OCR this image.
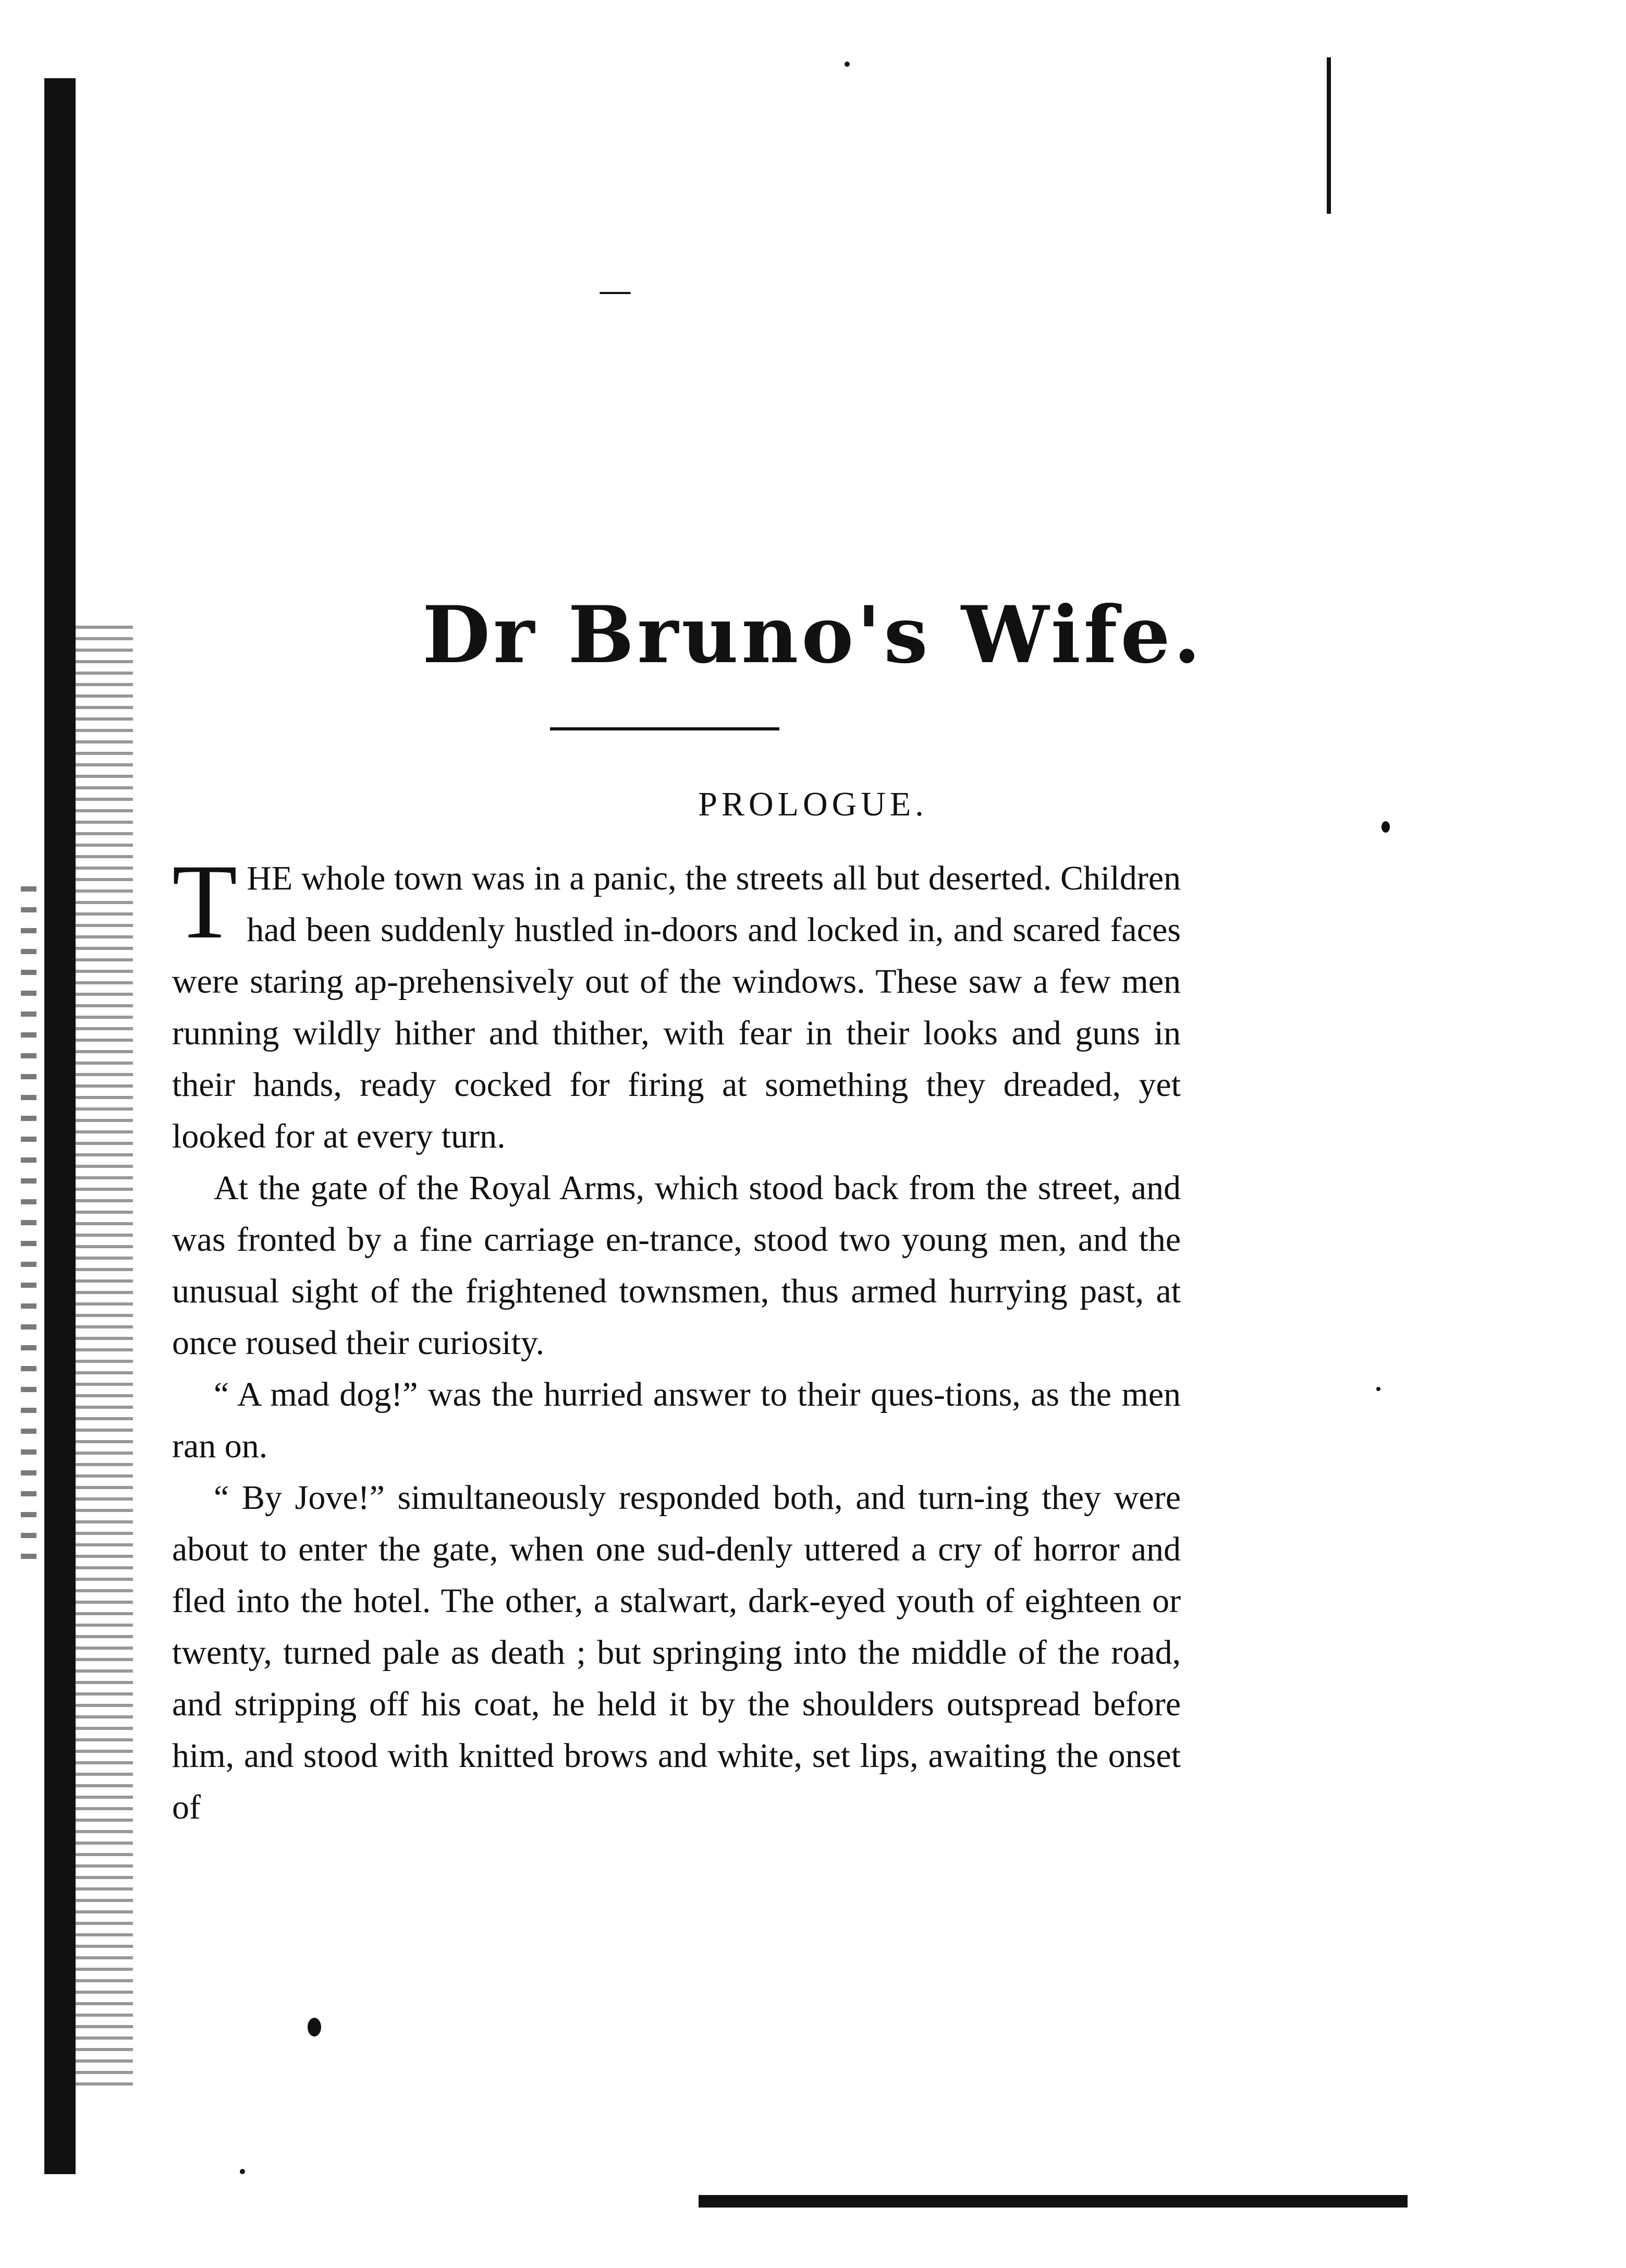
Dr Bruno's Wife.
PROLOGUE.

THE whole town was in a panic, the streets all but deserted. Children had been suddenly hustled in-doors and locked in, and scared faces were staring ap-prehensively out of the windows. These saw a few men running wildly hither and thither, with fear in their looks and guns in their hands, ready cocked for firing at something they dreaded, yet looked for at every turn.

At the gate of the Royal Arms, which stood back from the street, and was fronted by a fine carriage en-trance, stood two young men, and the unusual sight of the frightened townsmen, thus armed hurrying past, at once roused their curiosity.

“ A mad dog!” was the hurried answer to their ques-tions, as the men ran on.

“ By Jove!” simultaneously responded both, and turn-ing they were about to enter the gate, when one sud-denly uttered a cry of horror and fled into the hotel. The other, a stalwart, dark-eyed youth of eighteen or twenty, turned pale as death ; but springing into the middle of the road, and stripping off his coat, he held it by the shoulders outspread before him, and stood with knitted brows and white, set lips, awaiting the onset of
